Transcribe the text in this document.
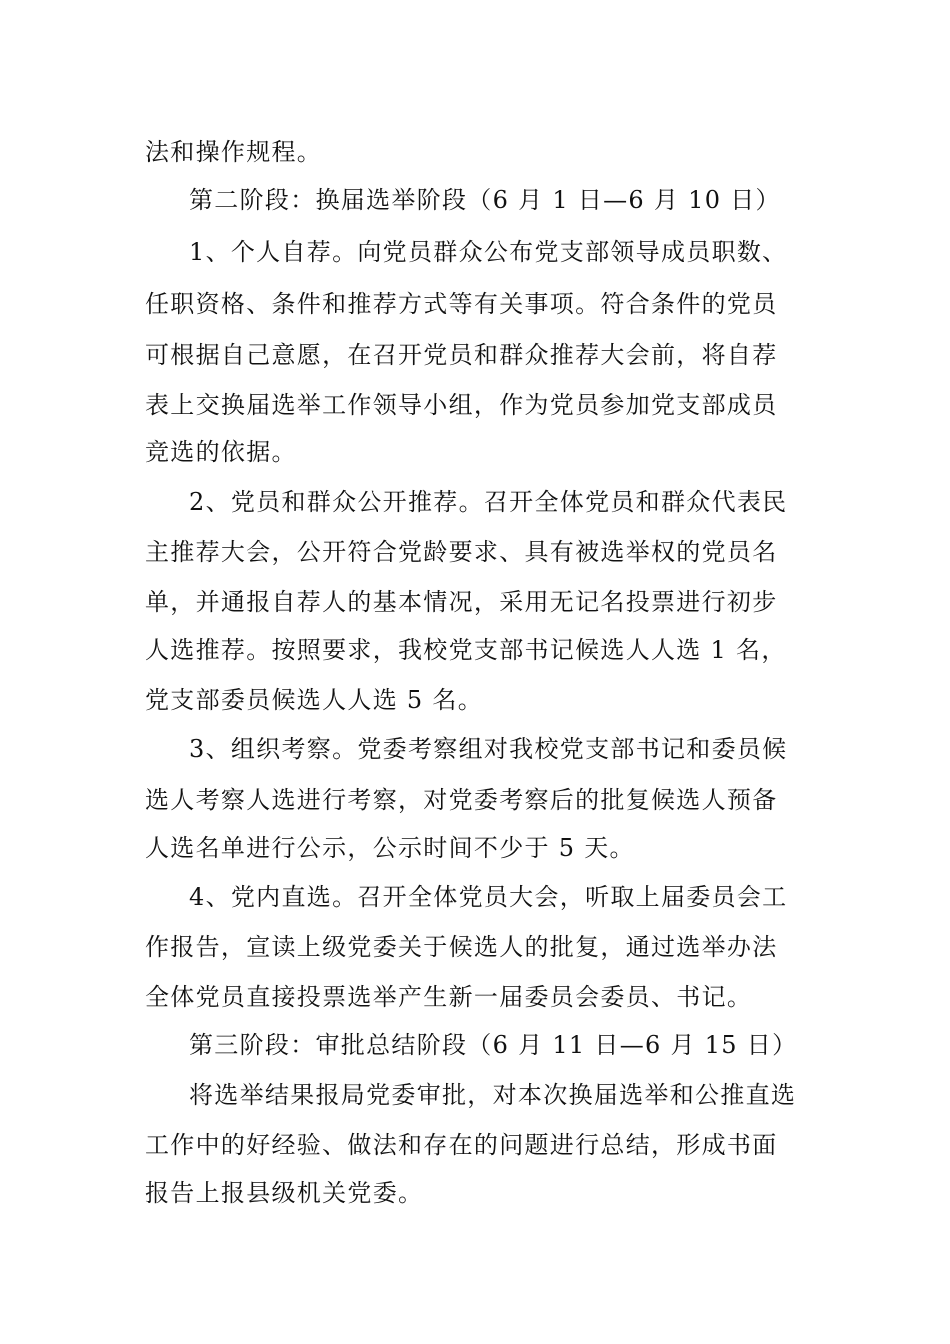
法和操作规程。
第二阶段：换届选举阶段（6 月 1 日—6 月 10 日）
1、个人自荐。向党员群众公布党支部领导成员职数、
任职资格、条件和推荐方式等有关事项。符合条件的党员
可根据自己意愿，在召开党员和群众推荐大会前，将自荐
表上交换届选举工作领导小组，作为党员参加党支部成员
竞选的依据。
2、党员和群众公开推荐。召开全体党员和群众代表民
主推荐大会，公开符合党龄要求、具有被选举权的党员名
单，并通报自荐人的基本情况，采用无记名投票进行初步
人选推荐。按照要求，我校党支部书记候选人人选 1 名，
党支部委员候选人人选 5 名。
3、组织考察。党委考察组对我校党支部书记和委员候
选人考察人选进行考察，对党委考察后的批复候选人预备
人选名单进行公示，公示时间不少于 5 天。
4、党内直选。召开全体党员大会，听取上届委员会工
作报告，宣读上级党委关于候选人的批复，通过选举办法
全体党员直接投票选举产生新一届委员会委员、书记。
第三阶段：审批总结阶段（6 月 11 日—6 月 15 日）
将选举结果报局党委审批，对本次换届选举和公推直选
工作中的好经验、做法和存在的问题进行总结，形成书面
报告上报县级机关党委。
